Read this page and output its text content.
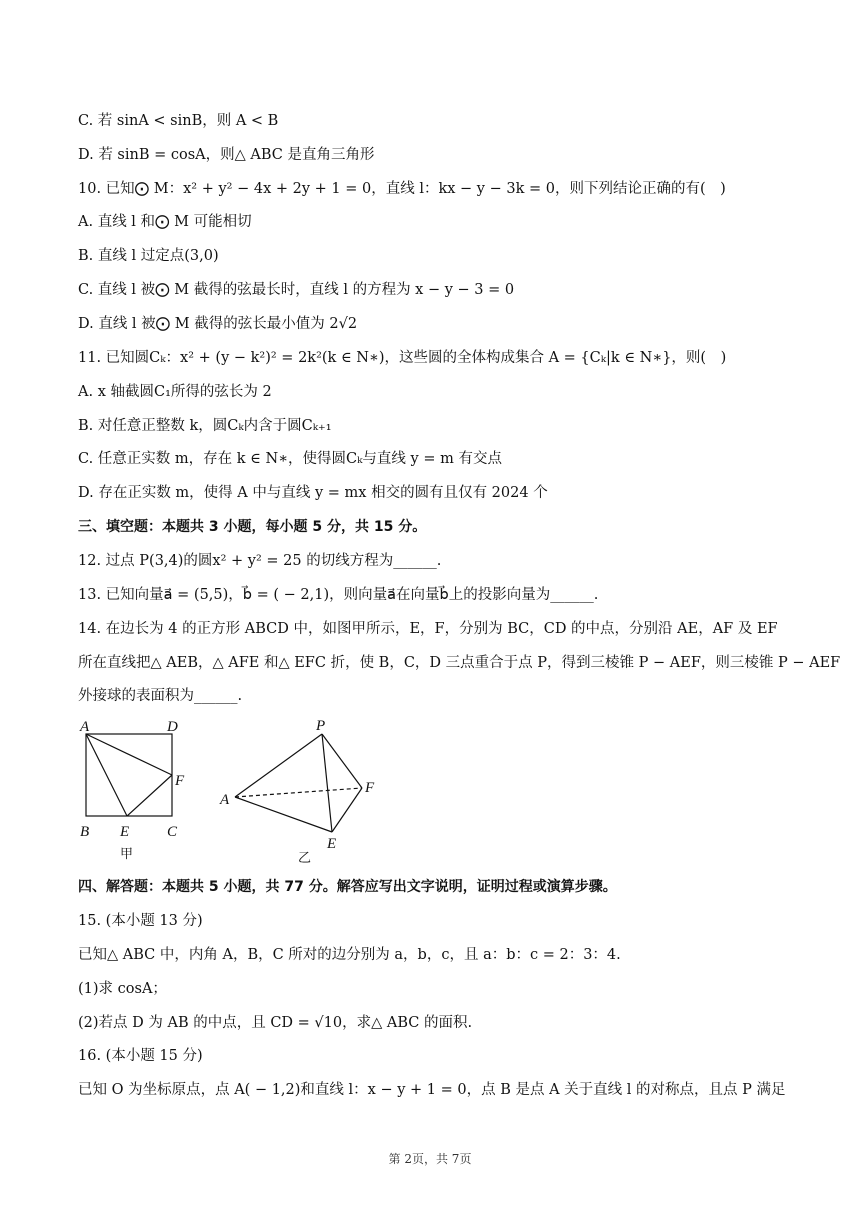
C. 若 sinA < sinB，则 A < B
D. 若 sinB = cosA，则△ ABC 是直角三角形
10. 已知⨀ M：x² + y² − 4x + 2y + 1 = 0，直线 l：kx − y − 3k = 0，则下列结论正确的有(　)
A. 直线 l 和⨀ M 可能相切
B. 直线 l 过定点(3,0)
C. 直线 l 被⨀ M 截得的弦最长时，直线 l 的方程为 x − y − 3 = 0
D. 直线 l 被⨀ M 截得的弦长最小值为 2√2
11. 已知圆Cₖ：x² + (y − k²)² = 2k²(k ∈ N∗)，这些圆的全体构成集合 A = {Cₖ|k ∈ N∗}，则(　)
A. x 轴截圆C₁所得的弦长为 2
B. 对任意正整数 k，圆Cₖ内含于圆Cₖ₊₁
C. 任意正实数 m，存在 k ∈ N∗，使得圆Cₖ与直线 y = m 有交点
D. 存在正实数 m，使得 A 中与直线 y = mx 相交的圆有且仅有 2024 个
三、填空题：本题共 3 小题，每小题 5 分，共 15 分。
12. 过点 P(3,4)的圆x² + y² = 25 的切线方程为______.
13. 已知向量a⃗ = (5,5)，b⃗ = ( − 2,1)，则向量a⃗在向量b⃗上的投影向量为______.
14. 在边长为 4 的正方形 ABCD 中，如图甲所示，E，F，分别为 BC，CD 的中点，分别沿 AE，AF 及 EF
所在直线把△ AEB，△ AFE 和△ EFC 折，使 B，C，D 三点重合于点 P，得到三棱锥 P − AEF，则三棱锥 P − AEF
外接球的表面积为______.
A	D
F
B E	C
甲
P
A
F
E
乙
四、解答题：本题共 5 小题，共 77 分。解答应写出文字说明，证明过程或演算步骤。
15. (本小题 13 分)
已知△ ABC 中，内角 A，B，C 所对的边分别为 a，b，c，且 a：b：c = 2：3：4.
(1)求 cosA；
(2)若点 D 为 AB 的中点，且 CD = √10，求△ ABC 的面积.
16. (本小题 15 分)
已知 O 为坐标原点，点 A( − 1,2)和直线 l：x − y + 1 = 0，点 B 是点 A 关于直线 l 的对称点，且点 P 满足
第 2页，共 7页
